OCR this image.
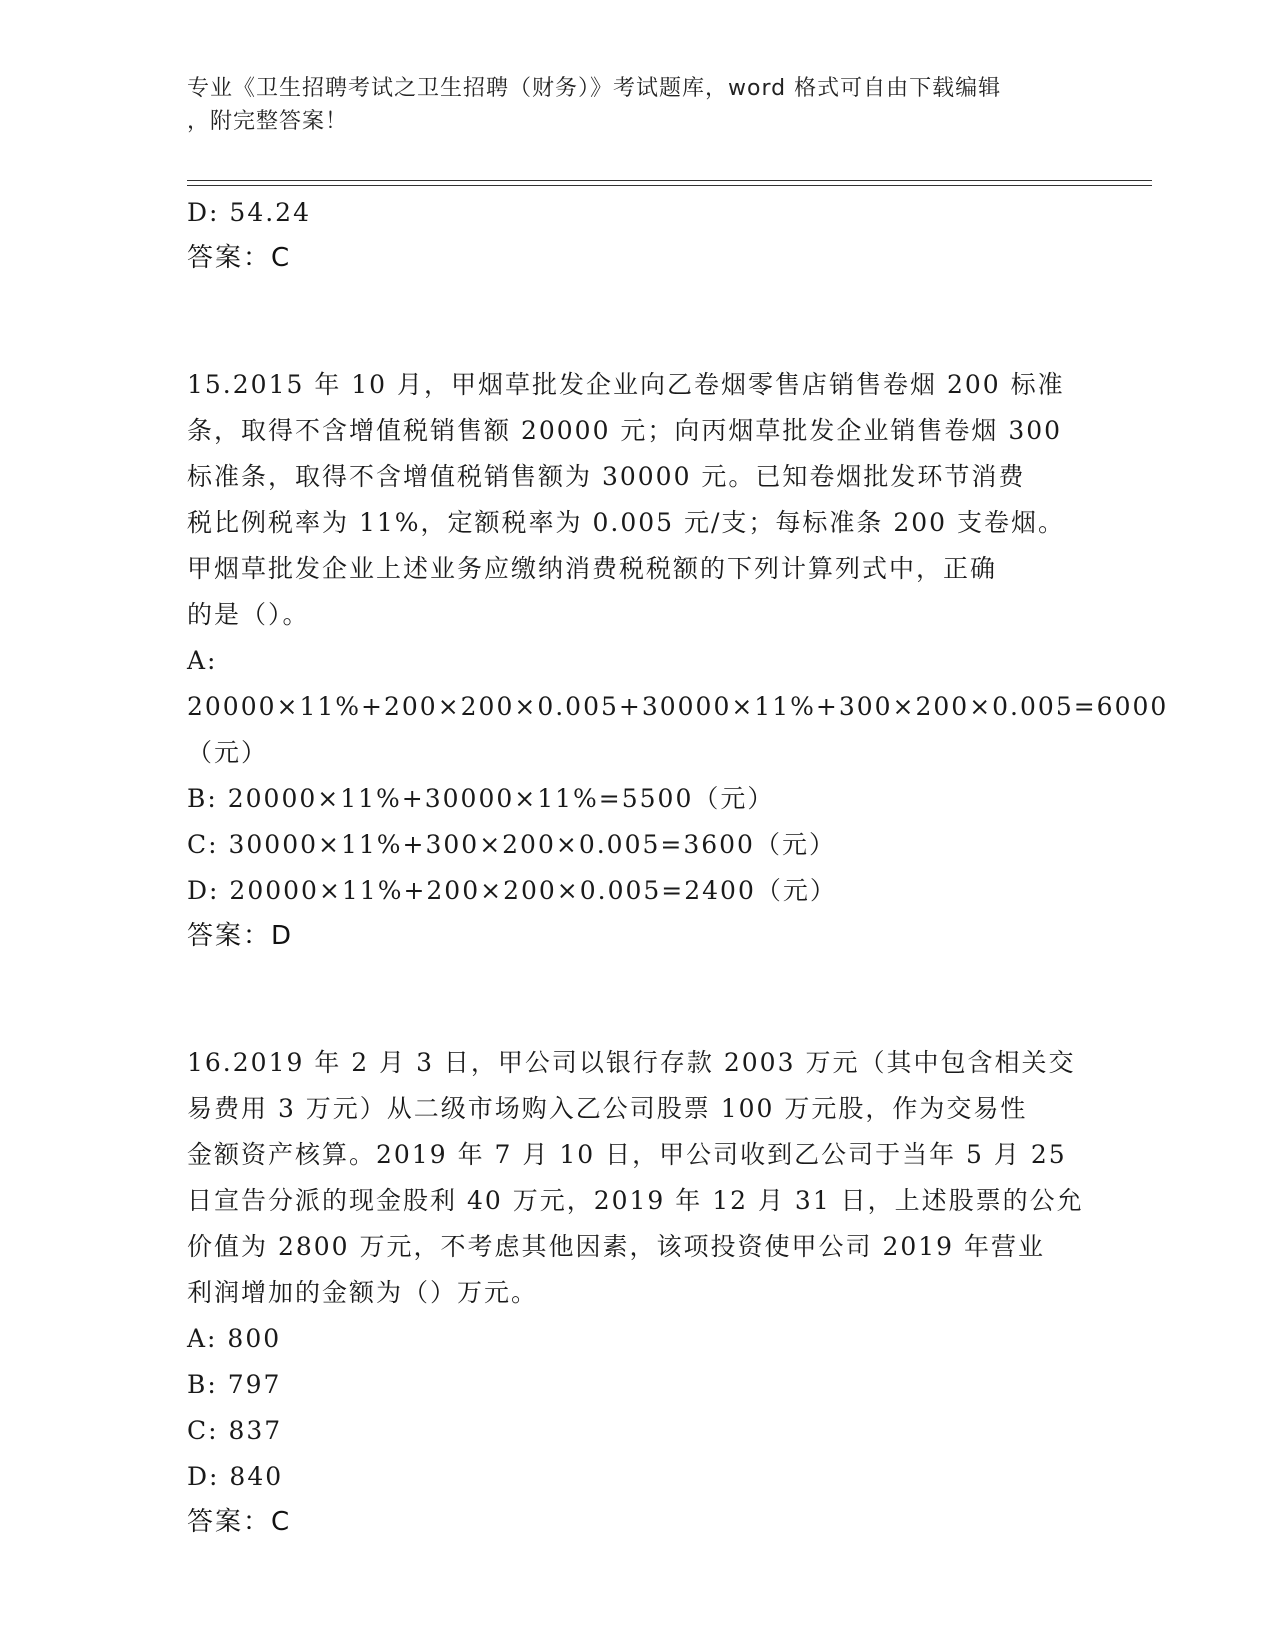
专业《卫生招聘考试之卫生招聘（财务）》考试题库，word 格式可自由下载编辑
，附完整答案！
D: 54.24
答案：C
15.2015 年 10 月，甲烟草批发企业向乙卷烟零售店销售卷烟 200 标准
条，取得不含增值税销售额 20000 元；向丙烟草批发企业销售卷烟 300
标准条，取得不含增值税销售额为 30000 元。已知卷烟批发环节消费
税比例税率为 11%，定额税率为 0.005 元/支；每标准条 200 支卷烟。
甲烟草批发企业上述业务应缴纳消费税税额的下列计算列式中，正确
的是（）。
A: 20000×11%+200×200×0.005+30000×11%+300×200×0.005=6000
（元）
B: 20000×11%+30000×11%=5500（元）
C: 30000×11%+300×200×0.005=3600（元）
D: 20000×11%+200×200×0.005=2400（元）
答案：D
16.2019 年 2 月 3 日，甲公司以银行存款 2003 万元（其中包含相关交
易费用 3 万元）从二级市场购入乙公司股票 100 万元股，作为交易性
金额资产核算。2019 年 7 月 10 日，甲公司收到乙公司于当年 5 月 25
日宣告分派的现金股利 40 万元，2019 年 12 月 31 日，上述股票的公允
价值为 2800 万元，不考虑其他因素，该项投资使甲公司 2019 年营业
利润增加的金额为（）万元。
A: 800
B: 797
C: 837
D: 840
答案：C
